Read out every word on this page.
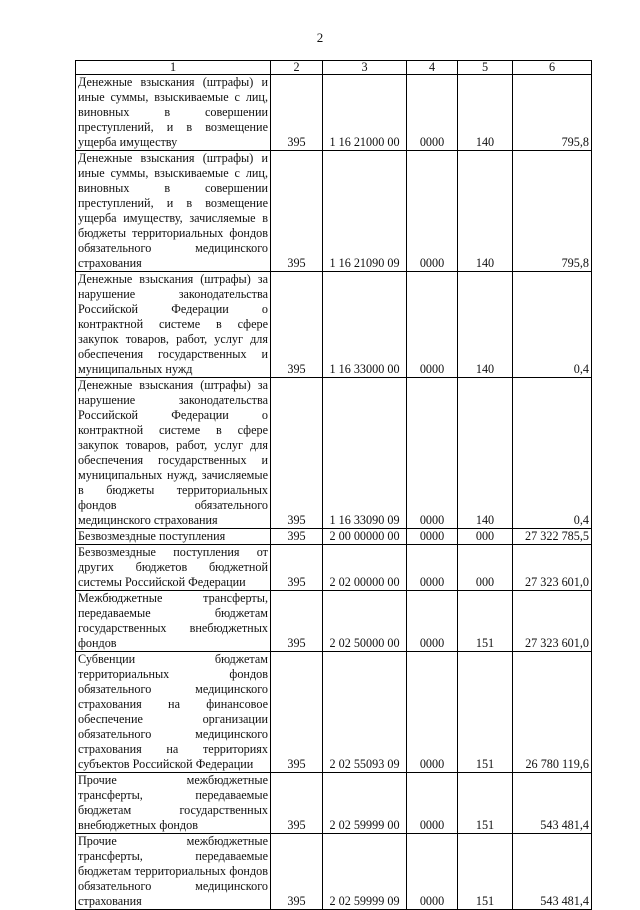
2
1	2	3	4	5	6
Денежные взыскания (штрафы) и иные суммы, взыскиваемые с лиц, виновных в совершении преступлений, и в возмещение ущерба имуществу	395	1 16 21000 00	0000	140	795,8
Денежные взыскания (штрафы) и иные суммы, взыскиваемые с лиц, виновных в совершении преступлений, и в возмещение ущерба имуществу, зачисляемые в бюджеты территориальных фондов обязательного медицинского страхования	395	1 16 21090 09	0000	140	795,8
Денежные взыскания (штрафы) за нарушение законодательства Российской Федерации о контрактной системе в сфере закупок товаров, работ, услуг для обеспечения государственных и муниципальных нужд	395	1 16 33000 00	0000	140	0,4
Денежные взыскания (штрафы) за нарушение законодательства Российской Федерации о контрактной системе в сфере закупок товаров, работ, услуг для обеспечения государственных и муниципальных нужд, зачисляемые в бюджеты территориальных фондов обязательного медицинского страхования	395	1 16 33090 09	0000	140	0,4
Безвозмездные поступления	395	2 00 00000 00	0000	000	27 322 785,5
Безвозмездные поступления от других бюджетов бюджетной системы Российской Федерации	395	2 02 00000 00	0000	000	27 323 601,0
Межбюджетные трансферты, передаваемые бюджетам государственных внебюджетных фондов	395	2 02 50000 00	0000	151	27 323 601,0
Субвенции бюджетам территориальных фондов обязательного медицинского страхования на финансовое обеспечение организации обязательного медицинского страхования на территориях субъектов Российской Федерации	395	2 02 55093 09	0000	151	26 780 119,6
Прочие межбюджетные трансферты, передаваемые бюджетам государственных внебюджетных фондов	395	2 02 59999 00	0000	151	543 481,4
Прочие межбюджетные трансферты, передаваемые бюджетам территориальных фондов обязательного медицинского страхования	395	2 02 59999 09	0000	151	543 481,4
